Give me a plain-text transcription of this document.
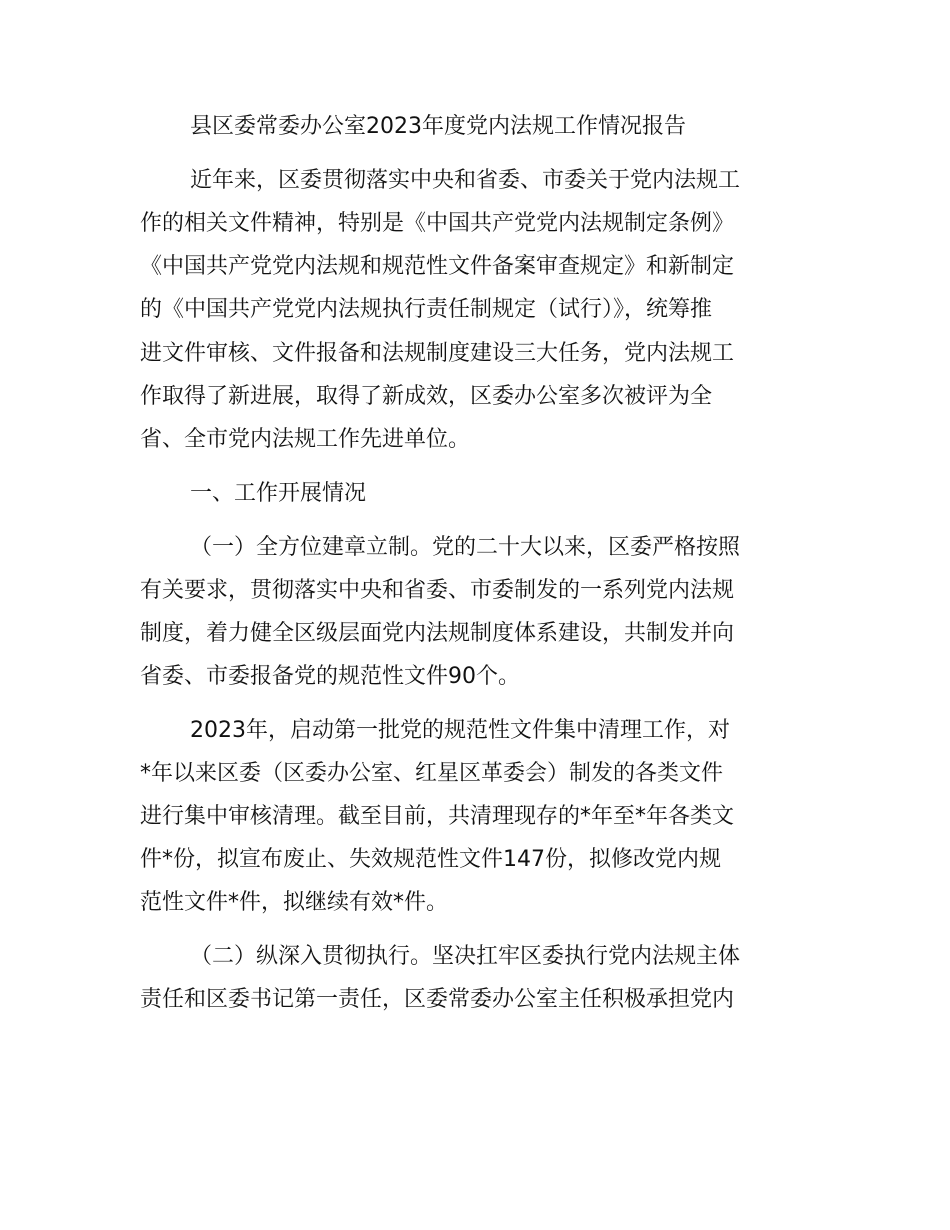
县区委常委办公室2023年度党内法规工作情况报告

近年来，区委贯彻落实中央和省委、市委关于党内法规工

作的相关文件精神，特别是《中国共产党党内法规制定条例》

《中国共产党党内法规和规范性文件备案审查规定》和新制定

的《中国共产党党内法规执行责任制规定（试行）》，统筹推

进文件审核、文件报备和法规制度建设三大任务，党内法规工

作取得了新进展，取得了新成效，区委办公室多次被评为全

省、全市党内法规工作先进单位。

一、工作开展情况

（一）全方位建章立制。党的二十大以来，区委严格按照

有关要求，贯彻落实中央和省委、市委制发的一系列党内法规

制度，着力健全区级层面党内法规制度体系建设，共制发并向

省委、市委报备党的规范性文件90个。

2023年，启动第一批党的规范性文件集中清理工作，对

*年以来区委（区委办公室、红星区革委会）制发的各类文件

进行集中审核清理。截至目前，共清理现存的*年至*年各类文

件*份，拟宣布废止、失效规范性文件147份，拟修改党内规

范性文件*件，拟继续有效*件。

（二）纵深入贯彻执行。坚决扛牢区委执行党内法规主体

责任和区委书记第一责任，区委常委办公室主任积极承担党内
